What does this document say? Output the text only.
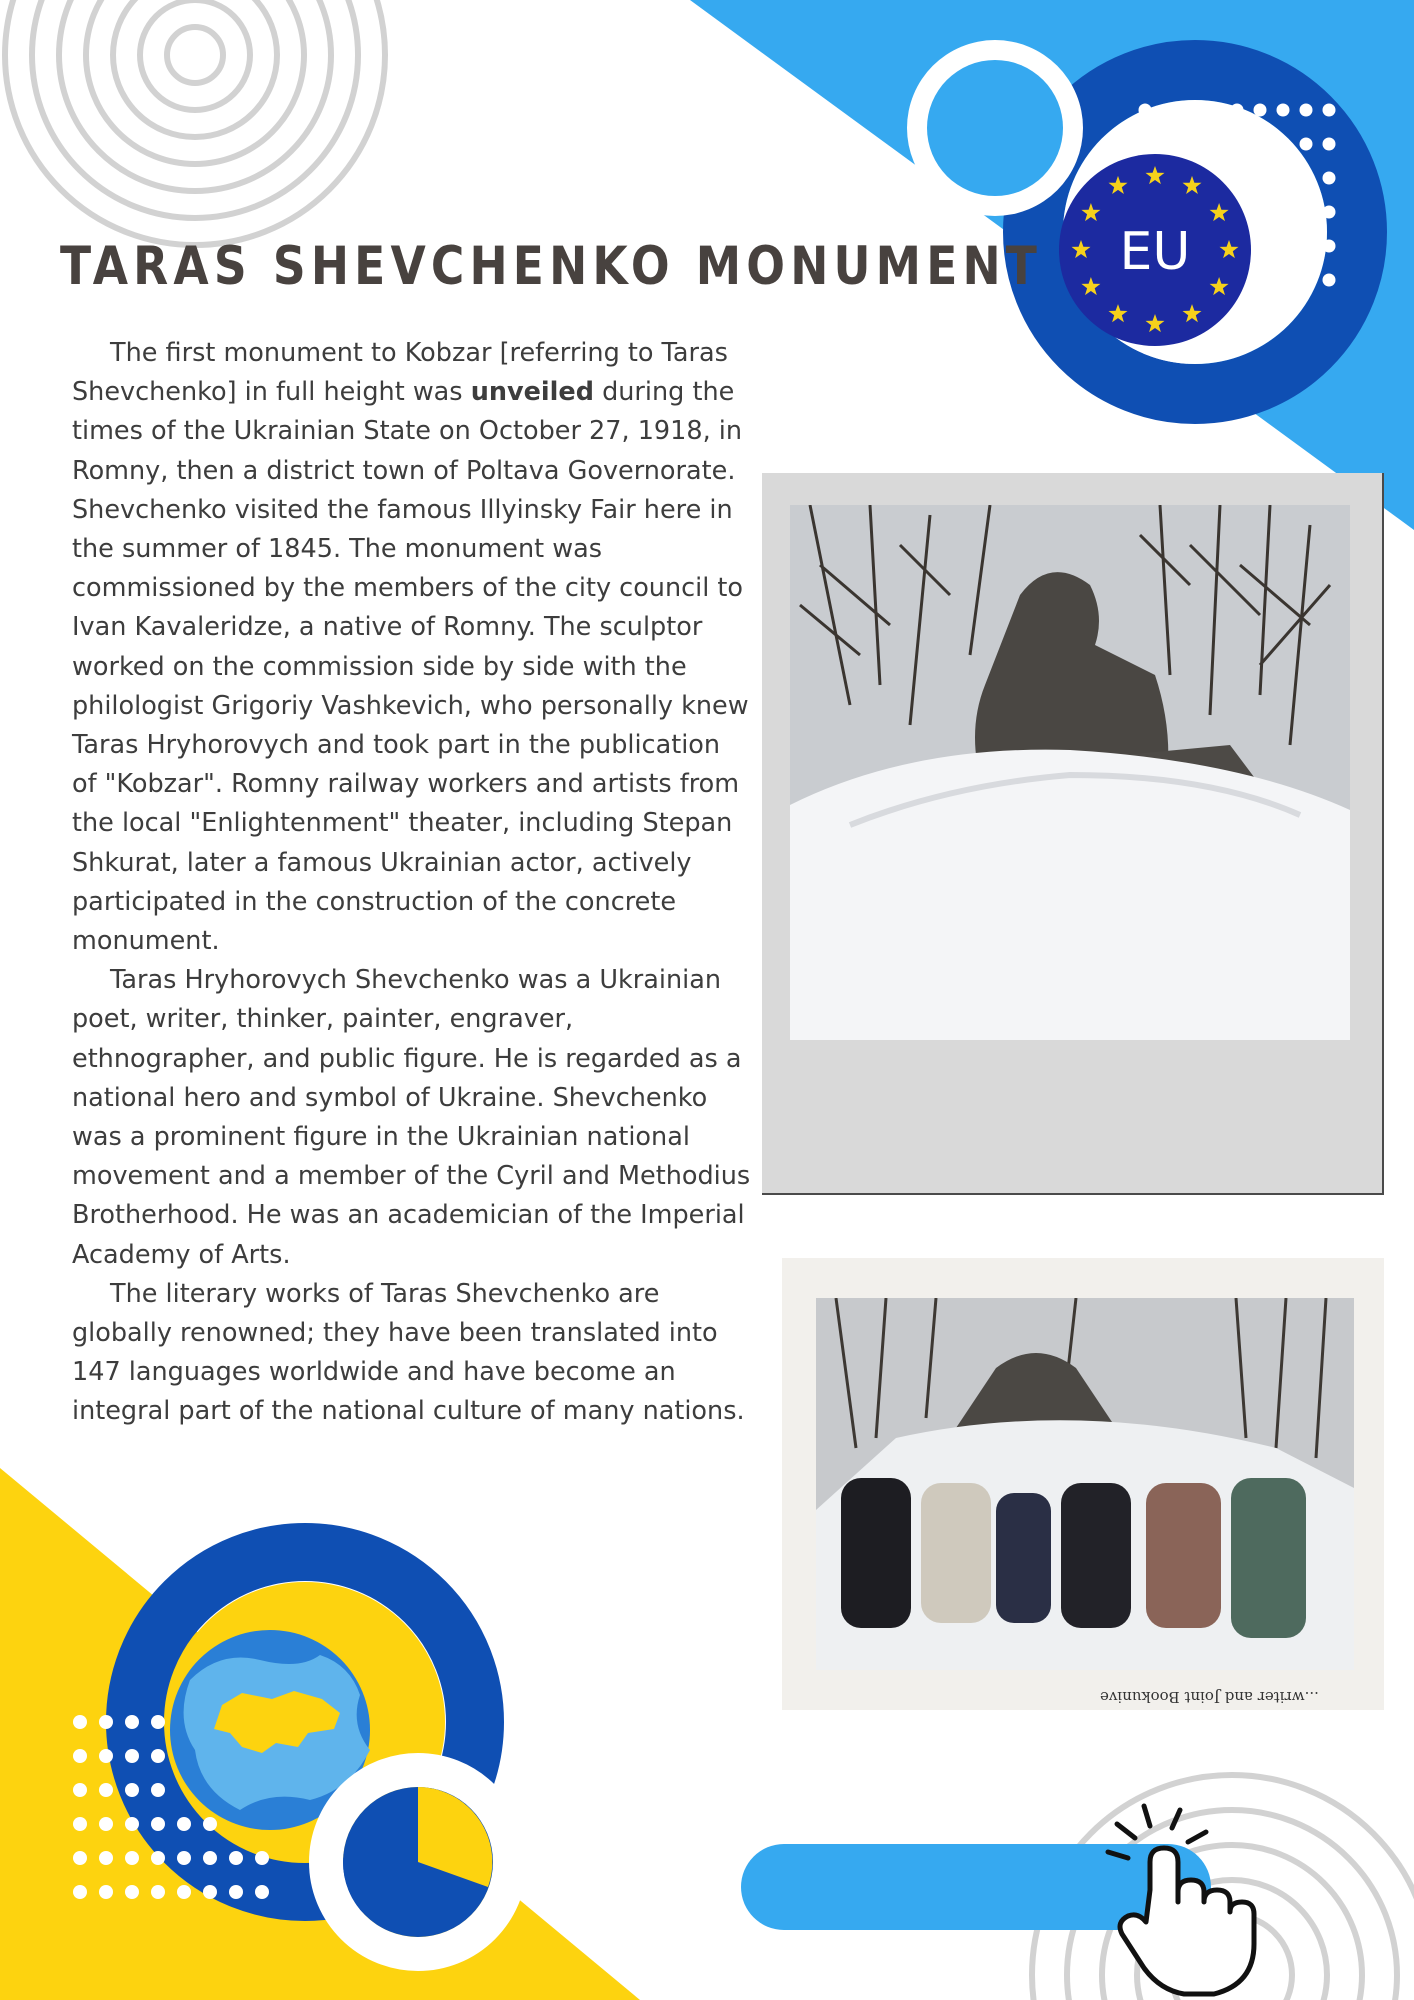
TARAS SHEVCHENKO MONUMENT EU

The first monument to Kobzar [referring to Taras Shevchenko] in full height was unveiled during the times of the Ukrainian State on October 27, 1918, in Romny, then a district town of Poltava Governorate. Shevchenko visited the famous Illyinsky Fair here in the summer of 1845. The monument was commissioned by the members of the city council to Ivan Kavaleridze, a native of Romny. The sculptor worked on the commission side by side with the philologist Grigoriy Vashkevich, who personally knew Taras Hryhorovych and took part in the publication of "Kobzar". Romny railway workers and artists from the local "Enlightenment" theater, including Stepan Shkurat, later a famous Ukrainian actor, actively participated in the construction of the concrete monument.

Taras Hryhorovych Shevchenko was a Ukrainian poet, writer, thinker, painter, engraver, ethnographer, and public figure. He is regarded as a national hero and symbol of Ukraine. Shevchenko was a prominent figure in the Ukrainian national movement and a member of the Cyril and Methodius Brotherhood. He was an academician of the Imperial Academy of Arts.

The literary works of Taras Shevchenko are globally renowned; they have been translated into 147 languages worldwide and have become an integral part of the national culture of many nations.

...writer and Joint Bookunive
